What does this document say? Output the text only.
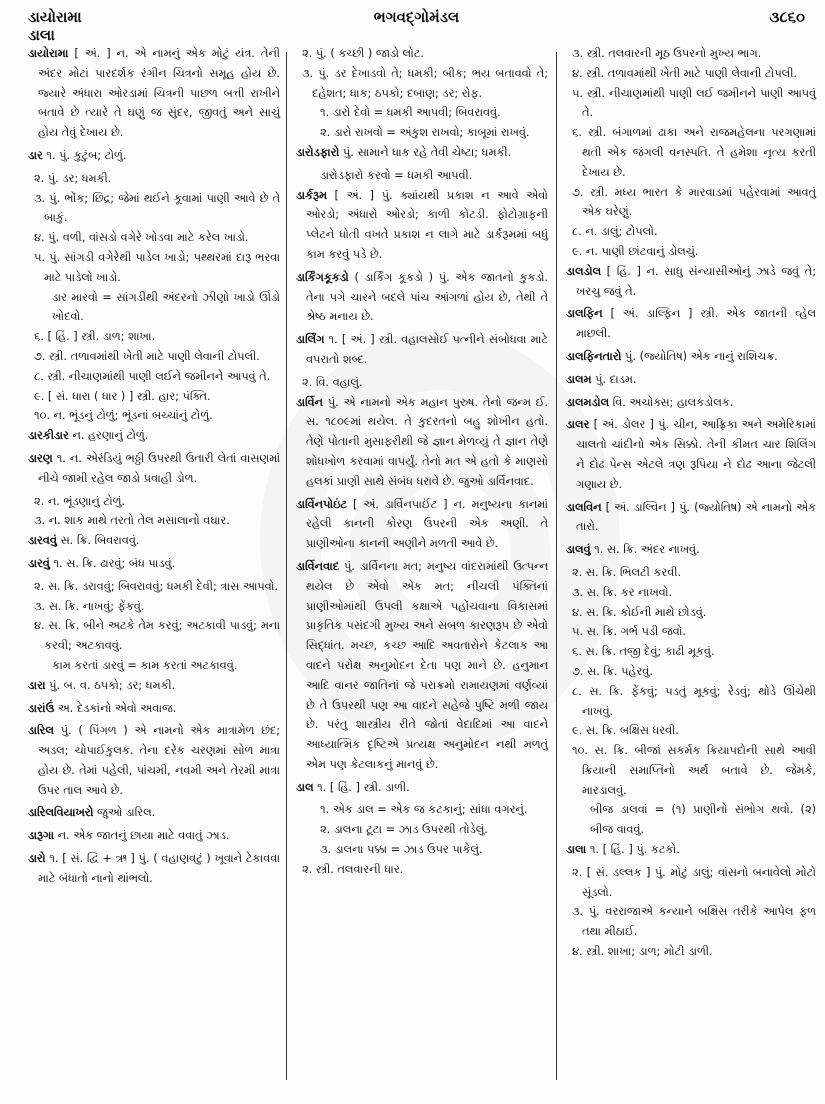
ડાયોરામા
ડાલા
ભગવદ્ગોમંડલ	૩૮૬૦
ડાયોરામા [ અં. ] ન. એ નામનું એક મોટું યંત્ર. તેની અંદર મોટાં પારદર્શક રંગીન ચિત્રનો સમૂહ હોય છે. જ્યારે અંધારા ઓરડામાં ચિત્રની પાછળ બત્તી રાખીને બતાવે છે ત્યારે તે ઘણું જ સુંદર, જીવતું અને સાચું હોય તેવું દેખાય છે.
ડાર ૧. પું. કુટુંબ; ટોળું.
૨. પું. ડર; ધમકી.
૩. પું. ભોંક; છિદ્ર; જેમાં થઈને કૂવામાં પાણી આવે છે તે બાકું.
૪. પું. વળી, વાંસડો વગેરે ખોડવા માટે કરેલ ખાડો.
૫. પું. સાંગડી વગેરેથી પાડેલ ખાડો; પથ્થરમાં દારૂ ભરવા માટે પાડેલો ખાડો.
ડાર મારવો = સાંગડીથી અંદરનો ઝીણો ખાડો ઊંડો ખોદવો.
૬. [ હિં. ] સ્ત્રી. ડાળ; શાખા.
૭. સ્ત્રી. તળાવમાંથી ખેતી માટે પાણી લેવાની ટોપલી.
૮. સ્ત્રી. નીચાણમાંથી પાણી લઈને જમીનને આપવું તે.
૯. [ સં. ધારા ( ધાર ) ] સ્ત્રી. હાર; પંક્તિ.
૧૦. ન. ભૂંડનું ટોળું; ભૂંડનાં બચ્ચાંનું ટોળું.
ડારકીડાર ન. હરણાનું ટોળું.
ડારણ ૧. ન. એરંડિયું ભઠ્ઠી ઉપરથી ઉતારી લેતાં વાસણમાં નીચે જામી રહેલ જાડો પ્રવાહી ડોળ.
૨. ન. ભૂંડણાનું ટોળું.
૩. ન. શાક માથે તરતો તેલ મસાલાનો વઘાર.
ડારવવું સ. ક્રિ. બિવરાવવું.
ડારવું ૧. સ. ક્રિ. ઢારવું; બંધ પાડવું.
૨. સ. ક્રિ. ડરાવવું; બિવરાવવું; ધમકી દેવી; ત્રાસ આપવો.
૩. સ. ક્રિ. નાખવું; ફેંકવું.
૪. સ. ક્રિ. બીને અટકે તેમ કરવું; અટકાવી પાડવું; મના કરવી; અટકાવવું.
કામ કરતાં ડારવું = કામ કરતાં અટકાવવું.
ડારા પું. બ. વ. ઠપકો; ડર; ધમકી.
ડારાંઉં અ. દેડકાંનો એવો અવાજ.
ડારિલ પું. ( પિંગળ ) એ નામનો એક માત્રામેળ છંદ; અડલ; ચોપાઈકુલક. તેના દરેક ચરણમાં સોળ માત્રા હોય છે. તેમાં પહેલી, પાંચમી, નવમી અને તેરમી માત્રા ઉપર તાલ આવે છે.
ડારિલવિયાખરો જુઓ ડારિલ.
ડારૂગા ન. એક જાતનું છાયા માટે વવાતું ઝાડ.
ડારો ૧. [ સં. દ્વિ + ઋ ] પું. ( વહાણવટું ) ખૂવાને ટેકાવવા માટે બંધાતો નાનો થાંભલો.
૨. પું. ( કચ્છી ) જાડો લોટ.
૩. પું. ડર દેખાડવો તે; ધમકી; બીક; ભય બતાવવો તે; દહેશત; ધાક; ઠપકો; દબાણ; ડર; રોફ.
૧. ડારો દેવો = ધમકી આપવી; બિવરાવવું.
૨. ડારો રાખવો = અંકુશ રાખવો; કાબૂમાં રાખવું.
ડારોડફારો પું. સામાને ધાક રહે તેવી ચેષ્ટા; ધમકી.
ડારોડફારો કરવો = ધમકી આપવી.
ડાર્કરૂમ [ અં. ] પું. ક્યાંયથી પ્રકાશ ન આવે એવો ઓરડો; અંધારો ઓરડો; કાળી કોટડી. ફોટોગ્રાફની પ્લેટને ધોતી વખતે પ્રકાશ ન લાગે માટે ડાર્કરૂમમાં બધું કામ કરવું પડે છે.
ડાર્કિંગકૂકડો ( ડાર્કિંગ કૂકડો ) પું. એક જાતનો કુકડો. તેના પગે ચારને બદલે પાંચ આંગળાં હોય છે, તેથી તે શ્રેષ્ઠ મનાય છે.
ડાર્લિંગ ૧. [ અં. ] સ્ત્રી. વહાલસોઈ પત્નીને સંબોધવા માટે વપરાતો શબ્દ.
૨. વિ. વહાલું.
ડાર્વિન પું. એ નામનો એક મહાન પુરુષ. તેનો જન્મ ઈ. સ. ૧૮૦૯માં થયેલ. તે કુદરતનો બહુ શોખીન હતો. તેણે પોતાની મુસાફરીથી જે જ્ઞાન મેળવ્યું તે જ્ઞાન તેણે શોધખોળ કરવામાં વાપર્યું. તેનો મત એ હતો કે માણસો હલકાં પ્રાણી સાથે સંબંધ ધરાવે છે. જુઓ ડાર્વિનવાદ.
ડાર્વિનપોઇંટ [ અં. ડાર્વિનપાઈંટ ] ન. મનુષ્યના કાનમાં રહેલી કાનની કોરણ ઉપરની એક અણી. તે પ્રાણીઓના કાનની અણીને મળતી આવે છે.
ડાર્વિનવાદ પું. ડાર્વિનના મત; મનુષ્ય વાંદરામાંથી ઉત્પન્ન થયેલ છે એવો એક મત; નીચલી પંક્તિનાં પ્રાણીઓમાંથી ઉપલી કક્ષાએ પહોંચવાના વિકાસમાં પ્રાકૃતિક પસંદગી મુખ્ય અને સબળ કારણરૂપ છે એવો સિદ્ધાંત. મચ્છ, કચ્છ આદિ અવતારોને કેટલાક આ વાદને પરોક્ષ અનુમોદન દેતા પણ માને છે. હનુમાન આદિ વાનર જાતિનાં જે પરાક્રમો રામાયણમાં વર્ણવ્યાં છે તે ઉપરથી પણ આ વાદને સહેજે પુષ્ટિ મળી જાય છે. પરંતુ શાસ્ત્રીય રીતે જોતાં વેદાદિમાં આ વાદને આધ્યાત્મિક દૃષ્ટિએ પ્રત્યક્ષ અનુમોદન નથી મળતું એમ પણ કેટલાકનું માનવું છે.
ડાલ ૧. [ હિં. ] સ્ત્રી. ડાળી.
૧. એક ડાલ = એક જ કટકાનું; સાંધા વગરનું.
૨. ડાલના ટૂટા = ઝાડ ઉપરથી તોડેલું.
૩. ડાલના પક્કા = ઝાડ ઉપર પાકેલું.
૨. સ્ત્રી. તલવારની ધાર.
૩. સ્ત્રી. તલવારની મૂઠ ઉપરનો મુખ્ય ભાગ.
૪. સ્ત્રી. તળાવમાંથી ખેતી માટે પાણી લેવાની ટોપલી.
૫. સ્ત્રી. નીચાણમાંથી પાણી લઈ જમીનને પાણી આપવું તે.
૬. સ્ત્રી. બંગાળમાં ઢાકા અને રાજમહેલના પરગણામાં થતી એક જંગલી વનસ્પતિ. તે હમેશા નૃત્ય કરતી દેખાય છે.
૭. સ્ત્રી. મધ્ય ભારત કે મારવાડમાં પહેરવામાં આવતું એક ઘરેણું.
૮. ન. ડાલું; ટોપલો.
૯. ન. પાણી છાંટવાનું ડોલચું.
ડાલડોલ [ હિં. ] ન. સાધુ સંન્યાસીઓનું ઝાડે જવું તે; ખરચુ જવું તે.
ડાલફિન [ અં. ડાલ્ફિન ] સ્ત્રી. એક જાતની વ્હેલ માછલી.
ડાલફિનતારો પું. (જ્યોતિષ) એક નાનું રાશિચક્ર.
ડાલમ પું. દાડમ.
ડાલમડોલ વિ. અચોક્સ; હાલકડોલક.
ડાલર [ અં. ડોલર ] પું. ચીન, આફ્રિકા અને અમેરિકામાં ચાલતો ચાંદીનો એક સિક્કો. તેની કીમત ચાર શિલિંગ ને દોઢ પેન્સ એટલે ત્રણ રૂપિયા ને દોઢ આના જેટલી ગણાય છે.
ડાલવિન [ અં. ડાલ્વિન ] પું. (જ્યોતિષ) એ નામનો એક તારો.
ડાલવું ૧. સ. ક્રિ. અંદર નાખવું.
૨. સ. ક્રિ. ભિલટી કરવી.
૩. સ. ક્રિ. કર નાખવો.
૪. સ. ક્રિ. કોઈની માથે છોડવું.
૫. સ. ક્રિ. ગર્ભ પડી જવો.
૬. સ. ક્રિ. તજી દેવું; કાઢી મૂકવું.
૭. સ. ક્રિ. પહેરવું.
૮. સ. ક્રિ. ફેંકવું; પડતું મૂકવું; રેડવું; થોડે ઊંચેથી નાખવું.
૯. સ. ક્રિ. બક્ષિસ ધરવી.
૧૦. સ. ક્રિ. બીજાં સકર્મક ક્રિયાપદોની સાથે આવી ક્રિયાની સમાપ્તિનો અર્થ બતાવે છે. જેમકે, મારડાલવું.
બીજ ડાલવાં = (૧) પ્રાણીનો સંભોગ થવો. (૨) બીજ વાવવું.
ડાલા ૧. [ હિં. ] પું. કટકો.
૨. [ સં. ડલ્લક ] પું. મોટું ડાલું; વાંસનો બનાવેલો મોટો સૂંડલો.
૩. પું. વરરાજાએ કન્યાને બક્ષિસ તરીકે આપેલ ફળ તથા મીઠાઈ.
૪. સ્ત્રી. શાખા; ડાળ; મોટી ડાળી.
